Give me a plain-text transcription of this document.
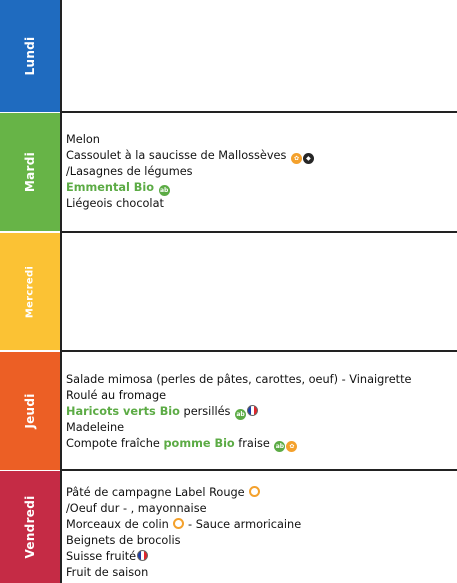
Lundi
Mardi
Melon
Cassoulet à la saucisse de Mallossèves ✿ ◆
/Lasagnes de légumes
Emmental Bio ab
Liégeois chocolat
Mercredi
Jeudi
Salade mimosa (perles de pâtes, carottes, oeuf) - Vinaigrette
Roulé au fromage
Haricots verts Bio persillés ab
Madeleine
Compote fraîche pomme Bio fraise ab ✿
Vendredi
Pâté de campagne Label Rouge
/Oeuf dur - , mayonnaise
Morceaux de colin - Sauce armoricaine
Beignets de brocolis
Suisse fruité
Fruit de saison
